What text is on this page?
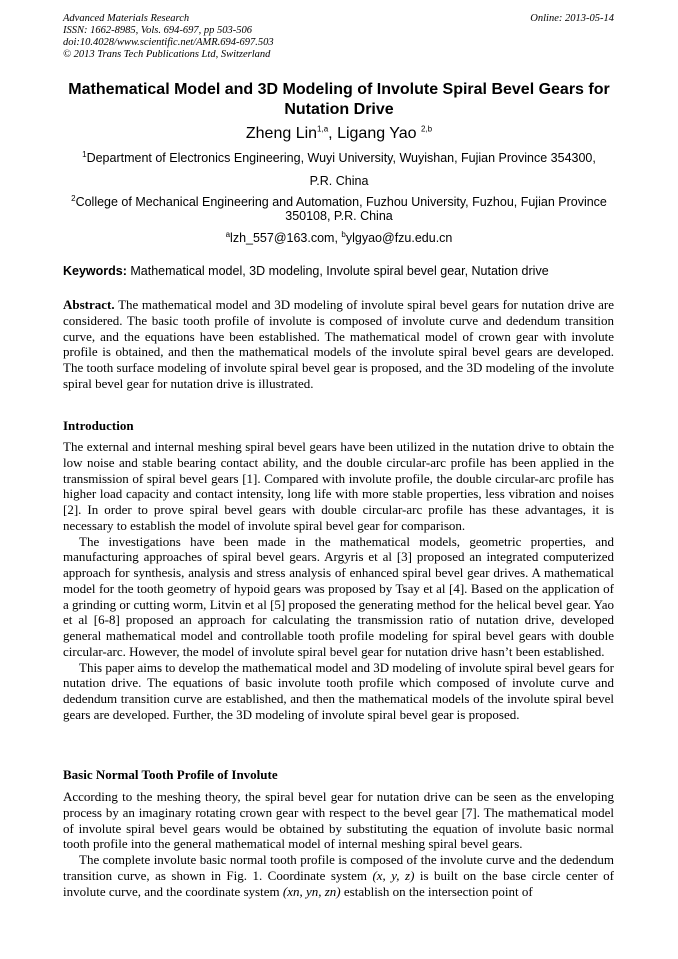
Advanced Materials Research
ISSN: 1662-8985, Vols. 694-697, pp 503-506
doi:10.4028/www.scientific.net/AMR.694-697.503
© 2013 Trans Tech Publications Ltd, Switzerland
Online: 2013-05-14
Mathematical Model and 3D Modeling of Involute Spiral Bevel Gears for Nutation Drive
Zheng Lin$^{1,a}$, Ligang Yao $^{2,b}$
$^1$Department of Electronics Engineering, Wuyi University, Wuyishan, Fujian Province 354300,
P.R. China
$^2$College of Mechanical Engineering and Automation, Fuzhou University, Fuzhou, Fujian Province 350108, P.R. China
$^a$lzh_557@163.com, $^b$ylgyao@fzu.edu.cn
Keywords: Mathematical model, 3D modeling, Involute spiral bevel gear, Nutation drive

Abstract. The mathematical model and 3D modeling of involute spiral bevel gears for nutation drive are considered. The basic tooth profile of involute is composed of involute curve and dedendum transition curve, and the equations have been established. The mathematical model of crown gear with involute profile is obtained, and then the mathematical models of the involute spiral bevel gears are developed. The tooth surface modeling of involute spiral bevel gear is proposed, and the 3D modeling of the involute spiral bevel gear for nutation drive is illustrated.

Introduction

The external and internal meshing spiral bevel gears have been utilized in the nutation drive to obtain the low noise and stable bearing contact ability, and the double circular-arc profile has been applied in the transmission of spiral bevel gears [1]. Compared with involute profile, the double circular-arc profile has higher load capacity and contact intensity, long life with more stable properties, less vibration and noises [2]. In order to prove spiral bevel gears with double circular-arc profile has these advantages, it is necessary to establish the model of involute spiral bevel gear for comparison.

The investigations have been made in the mathematical models, geometric properties, and manufacturing approaches of spiral bevel gears. Argyris et al [3] proposed an integrated computerized approach for synthesis, analysis and stress analysis of enhanced spiral bevel gear drives. A mathematical model for the tooth geometry of hypoid gears was proposed by Tsay et al [4]. Based on the application of a grinding or cutting worm, Litvin et al [5] proposed the generating method for the helical bevel gear. Yao et al [6-8] proposed an approach for calculating the transmission ratio of nutation drive, developed general mathematical model and controllable tooth profile modeling for spiral bevel gears with double circular-arc. However, the model of involute spiral bevel gear for nutation drive hasn’t been established.

This paper aims to develop the mathematical model and 3D modeling of involute spiral bevel gears for nutation drive. The equations of basic involute tooth profile which composed of involute curve and dedendum transition curve are established, and then the mathematical models of the involute spiral bevel gears are developed. Further, the 3D modeling of involute spiral bevel gear is proposed.

Basic Normal Tooth Profile of Involute

According to the meshing theory, the spiral bevel gear for nutation drive can be seen as the enveloping process by an imaginary rotating crown gear with respect to the bevel gear [7]. The mathematical model of involute spiral bevel gears would be obtained by substituting the equation of involute basic normal tooth profile into the general mathematical model of internal meshing spiral bevel gears.

The complete involute basic normal tooth profile is composed of the involute curve and the dedendum transition curve, as shown in Fig. 1. Coordinate system (x, y, z) is built on the base circle center of involute curve, and the coordinate system (xn, yn, zn) establish on the intersection point of
